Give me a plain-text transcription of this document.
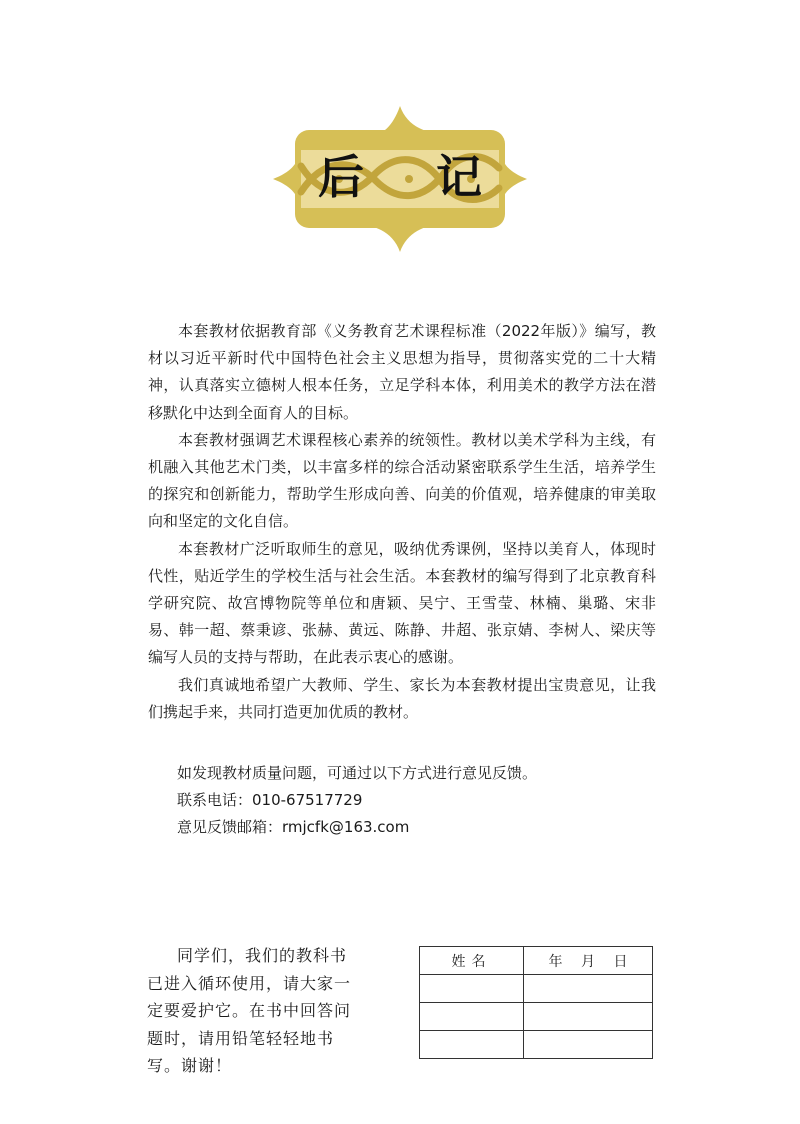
后 记

本套教材依据教育部《义务教育艺术课程标准（2022年版）》编写，教材以习近平新时代中国特色社会主义思想为指导，贯彻落实党的二十大精神，认真落实立德树人根本任务，立足学科本体，利用美术的教学方法在潜移默化中达到全面育人的目标。

本套教材强调艺术课程核心素养的统领性。教材以美术学科为主线，有机融入其他艺术门类，以丰富多样的综合活动紧密联系学生生活，培养学生的探究和创新能力，帮助学生形成向善、向美的价值观，培养健康的审美取向和坚定的文化自信。

本套教材广泛听取师生的意见，吸纳优秀课例，坚持以美育人，体现时代性，贴近学生的学校生活与社会生活。本套教材的编写得到了北京教育科学研究院、故宫博物院等单位和唐颖、吴宁、王雪莹、林楠、巢璐、宋非易、韩一超、蔡秉谚、张赫、黄远、陈静、井超、张京婧、李树人、梁庆等编写人员的支持与帮助，在此表示衷心的感谢。

我们真诚地希望广大教师、学生、家长为本套教材提出宝贵意见，让我们携起手来，共同打造更加优质的教材。

如发现教材质量问题，可通过以下方式进行意见反馈。
联系电话：010-67517729
意见反馈邮箱：rmjcfk@163.com

同学们，我们的教科书已进入循环使用，请大家一定要爱护它。在书中回答问题时，请用铅笔轻轻地书写。谢谢！

姓名	年 月 日
